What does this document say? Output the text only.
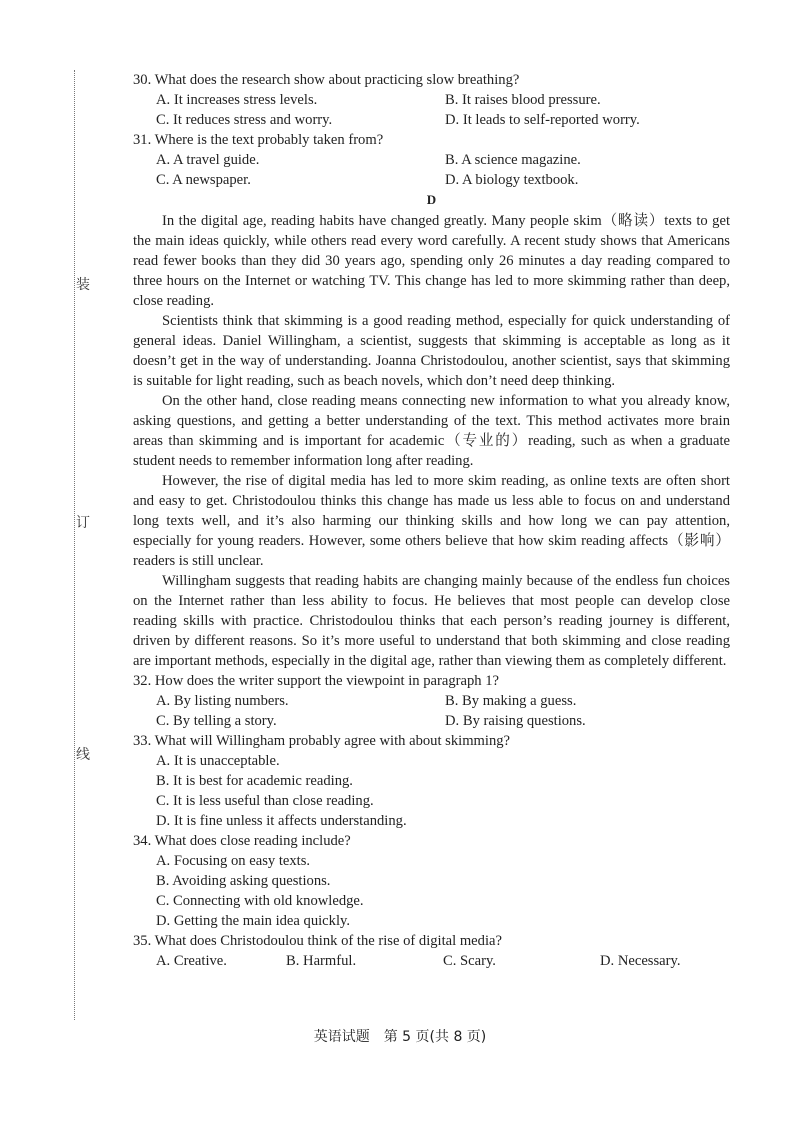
装
订
线

30. What does the research show about practicing slow breathing?

A. It increases stress levels.	B. It raises blood pressure.
C. It reduces stress and worry.	D. It leads to self-reported worry.

31. Where is the text probably taken from?

A. A travel guide.	B. A science magazine.
C. A newspaper.	D. A biology textbook.
D

In the digital age, reading habits have changed greatly. Many people skim（略读）texts to get the main ideas quickly, while others read every word carefully. A recent study shows that Americans read fewer books than they did 30 years ago, spending only 26 minutes a day reading compared to three hours on the Internet or watching TV. This change has led to more skimming rather than deep, close reading.

Scientists think that skimming is a good reading method, especially for quick understanding of general ideas. Daniel Willingham, a scientist, suggests that skimming is acceptable as long as it doesn’t get in the way of understanding. Joanna Christodoulou, another scientist, says that skimming is suitable for light reading, such as beach novels, which don’t need deep thinking.

On the other hand, close reading means connecting new information to what you already know, asking questions, and getting a better understanding of the text. This method activates more brain areas than skimming and is important for academic（专业的）reading, such as when a graduate student needs to remember information long after reading.

However, the rise of digital media has led to more skim reading, as online texts are often short and easy to get. Christodoulou thinks this change has made us less able to focus on and understand long texts well, and it’s also harming our thinking skills and how long we can pay attention, especially for young readers. However, some others believe that how skim reading affects（影响）readers is still unclear.

Willingham suggests that reading habits are changing mainly because of the endless fun choices on the Internet rather than less ability to focus. He believes that most people can develop close reading skills with practice. Christodoulou thinks that each person’s reading journey is different, driven by different reasons. So it’s more useful to understand that both skimming and close reading are important methods, especially in the digital age, rather than viewing them as completely different.

32. How does the writer support the viewpoint in paragraph 1?

A. By listing numbers.	B. By making a guess.
C. By telling a story.	D. By raising questions.

33. What will Willingham probably agree with about skimming?

A. It is unacceptable.
B. It is best for academic reading.
C. It is less useful than close reading.
D. It is fine unless it affects understanding.

34. What does close reading include?

A. Focusing on easy texts.
B. Avoiding asking questions.
C. Connecting with old knowledge.
D. Getting the main idea quickly.

35. What does Christodoulou think of the rise of digital media?

A. Creative.	B. Harmful.	C. Scary.	D. Necessary.
英语试题　第 5 页(共 8 页)
